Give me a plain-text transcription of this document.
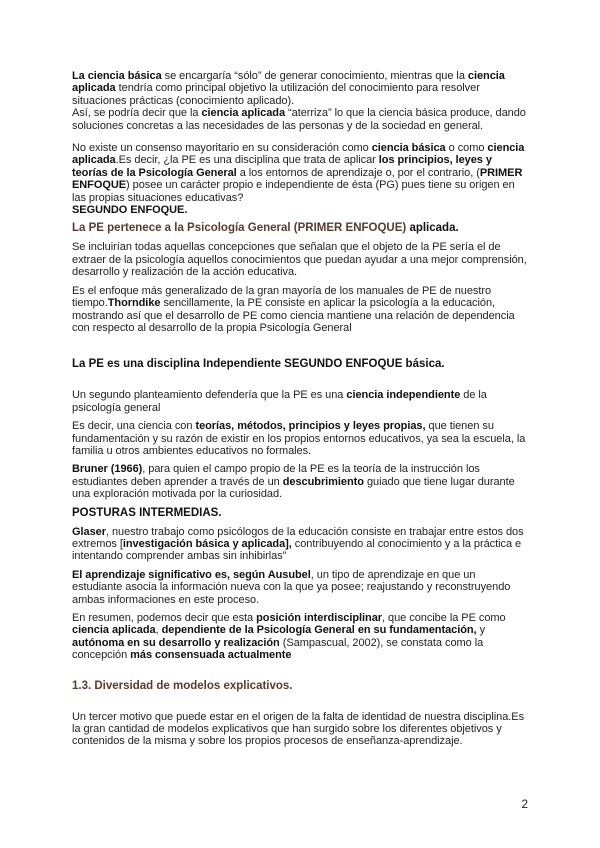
La ciencia básica se encargaría “sólo” de generar conocimiento, mientras que la ciencia aplicada tendría como principal objetivo la utilización del conocimiento para resolver situaciones prácticas (conocimiento aplicado).
Así, se podría decir que la ciencia aplicada “aterriza” lo que la ciencia básica produce, dando soluciones concretas a las necesidades de las personas y de la sociedad en general.

No existe un consenso mayoritario en su consideración como ciencia básica o como ciencia aplicada.Es decir, ¿la PE es una disciplina que trata de aplicar los principios, leyes y teorías de la Psicología General a los entornos de aprendizaje o, por el contrario, (PRIMER ENFOQUE) posee un carácter propio e independiente de ésta (PG) pues tiene su origen en las propias situaciones educativas?
SEGUNDO ENFOQUE.

La PE pertenece a la Psicología General (PRIMER ENFOQUE) aplicada.

Se incluirían todas aquellas concepciones que señalan que el objeto de la PE sería el de extraer de la psicología aquellos conocimientos que puedan ayudar a una mejor comprensión, desarrollo y realización de la acción educativa.

Es el enfoque más generalizado de la gran mayoría de los manuales de PE de nuestro tiempo.Thorndike sencillamente, la PE consiste en aplicar la psicología a la educación, mostrando así que el desarrollo de PE como ciencia mantiene una relación de dependencia con respecto al desarrollo de la propia Psicología General

La PE es una disciplina Independiente SEGUNDO ENFOQUE básica.

Un segundo planteamiento defendería que la PE es una ciencia independiente de la psicología general

Es decir, una ciencia con teorías, métodos, principios y leyes propias, que tienen su fundamentación y su razón de existir en los propios entornos educativos, ya sea la escuela, la familia u otros ambientes educativos no formales.

Bruner (1966), para quien el campo propio de la PE es la teoría de la instrucción los estudiantes deben aprender a través de un descubrimiento guiado que tiene lugar durante una exploración motivada por la curiosidad.

POSTURAS INTERMEDIAS.

Glaser, nuestro trabajo como psicólogos de la educación consiste en trabajar entre estos dos extremos [investigación básica y aplicada], contribuyendo al conocimiento y a la práctica e intentando comprender ambas sin inhibirlas”

El aprendizaje significativo es, según Ausubel, un tipo de aprendizaje en que un estudiante asocia la información nueva con la que ya posee; reajustando y reconstruyendo ambas informaciones en este proceso.

En resumen, podemos decir que esta posición interdisciplinar, que concibe la PE como ciencia aplicada, dependiente de la Psicología General en su fundamentación, y autónoma en su desarrollo y realización (Sampascual, 2002), se constata como la concepción más consensuada actualmente

1.3. Diversidad de modelos explicativos.

Un tercer motivo que puede estar en el origen de la falta de identidad de nuestra disciplina.Es la gran cantidad de modelos explicativos que han surgido sobre los diferentes objetivos y contenidos de la misma y sobre los propios procesos de enseñanza-aprendizaje.

2
